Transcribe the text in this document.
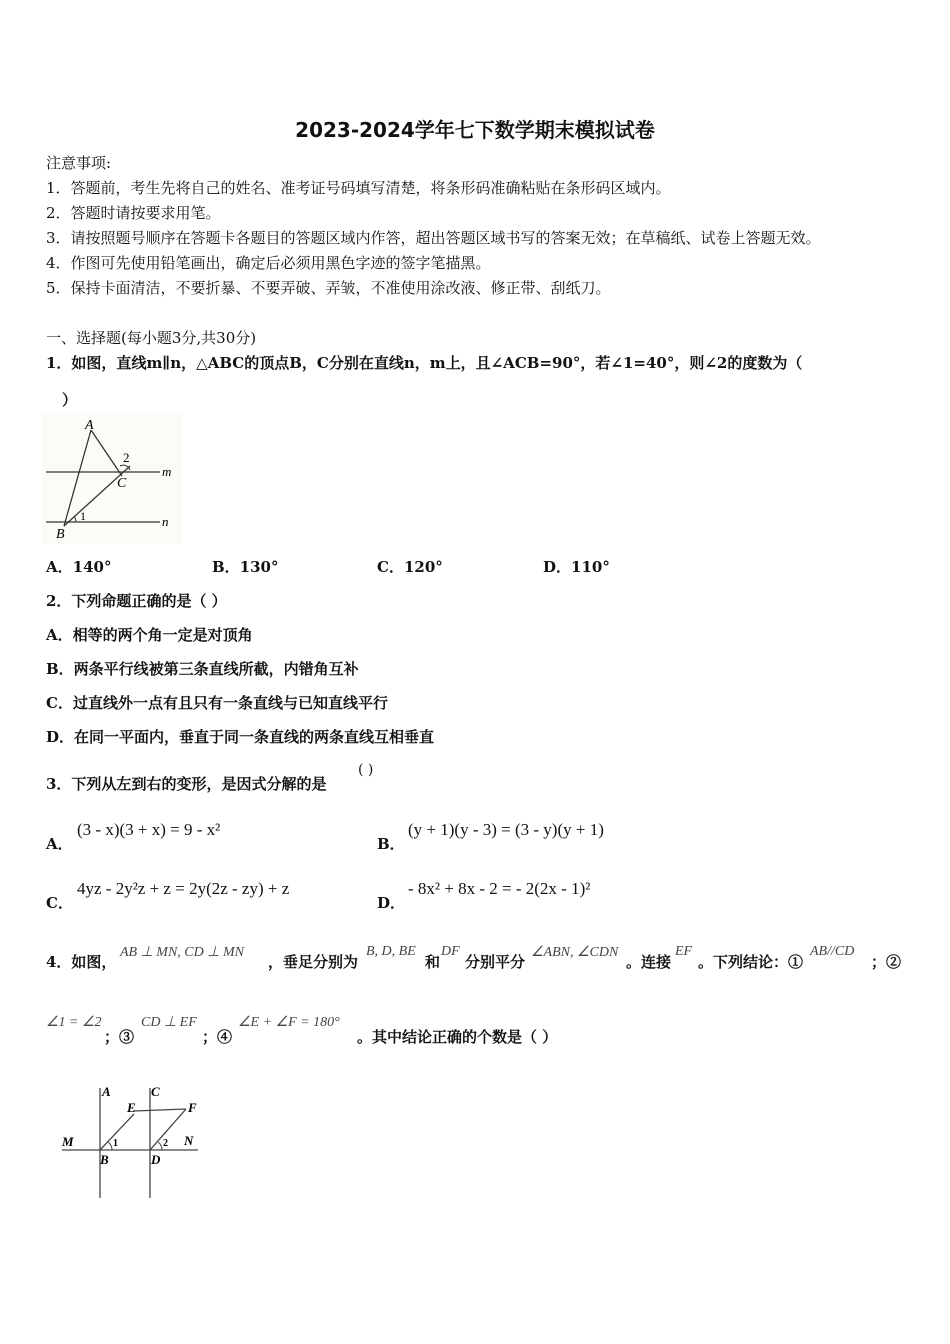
2023-2024学年七下数学期末模拟试卷
注意事项:
1．答题前，考生先将自己的姓名、准考证号码填写清楚，将条形码准确粘贴在条形码区域内。
2．答题时请按要求用笔。
3．请按照题号顺序在答题卡各题目的答题区域内作答，超出答题区域书写的答案无效；在草稿纸、试卷上答题无效。
4．作图可先使用铅笔画出，确定后必须用黑色字迹的签字笔描黑。
5．保持卡面清洁，不要折暴、不要弄破、弄皱，不准使用涂改液、修正带、刮纸刀。
一、选择题(每小题3分,共30分)
1．如图，直线m∥n，△ABC的顶点B，C分别在直线n，m上，且∠ACB=90°，若∠1=40°，则∠2的度数为（
）
A
B
C
m
n
1
2
A．140°	B．130°	C．120°	D．110°
2．下列命题正确的是（ ）
A．相等的两个角一定是对顶角
B．两条平行线被第三条直线所截，内错角互补
C．过直线外一点有且只有一条直线与已知直线平行
D．在同一平面内，垂直于同一条直线的两条直线互相垂直
3．下列从左到右的变形，是因式分解的是
( )
A．
(3 - x)(3 + x) = 9 - x²
B．
(y + 1)(y - 3) = (3 - y)(y + 1)
C．
4yz - 2y²z + z = 2y(2z - zy) + z
D．
- 8x² + 8x - 2 = - 2(2x - 1)²
4．如图，
AB ⊥ MN, CD ⊥ MN
，垂足分别为
B, D, BE
和
DF
分别平分
∠ABN, ∠CDN
。连接
EF
。下列结论：①
AB//CD
；②
∠1 = ∠2
；③
CD ⊥ EF
；④
∠E + ∠F = 180°
。其中结论正确的个数是（ ）
A	C
E	F
M	N
B	D
1	2
